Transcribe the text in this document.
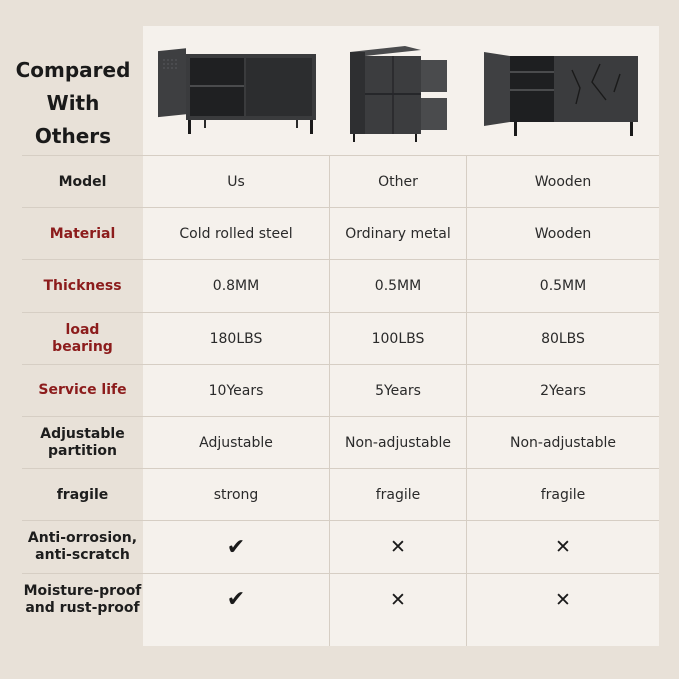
Compared
With Others
Model	Us	Other	Wooden
Material	Cold rolled steel	Ordinary metal	Wooden
Thickness	0.8MM	0.5MM	0.5MM
load
bearing	180LBS	100LBS	80LBS
Service life	10Years	5Years	2Years
Adjustable
partition	Adjustable	Non-adjustable	Non-adjustable
fragile	strong	fragile	fragile
Anti-orrosion,
anti-scratch	✔	✕	✕
Moisture-proof
and rust-proof	✔	✕	✕
